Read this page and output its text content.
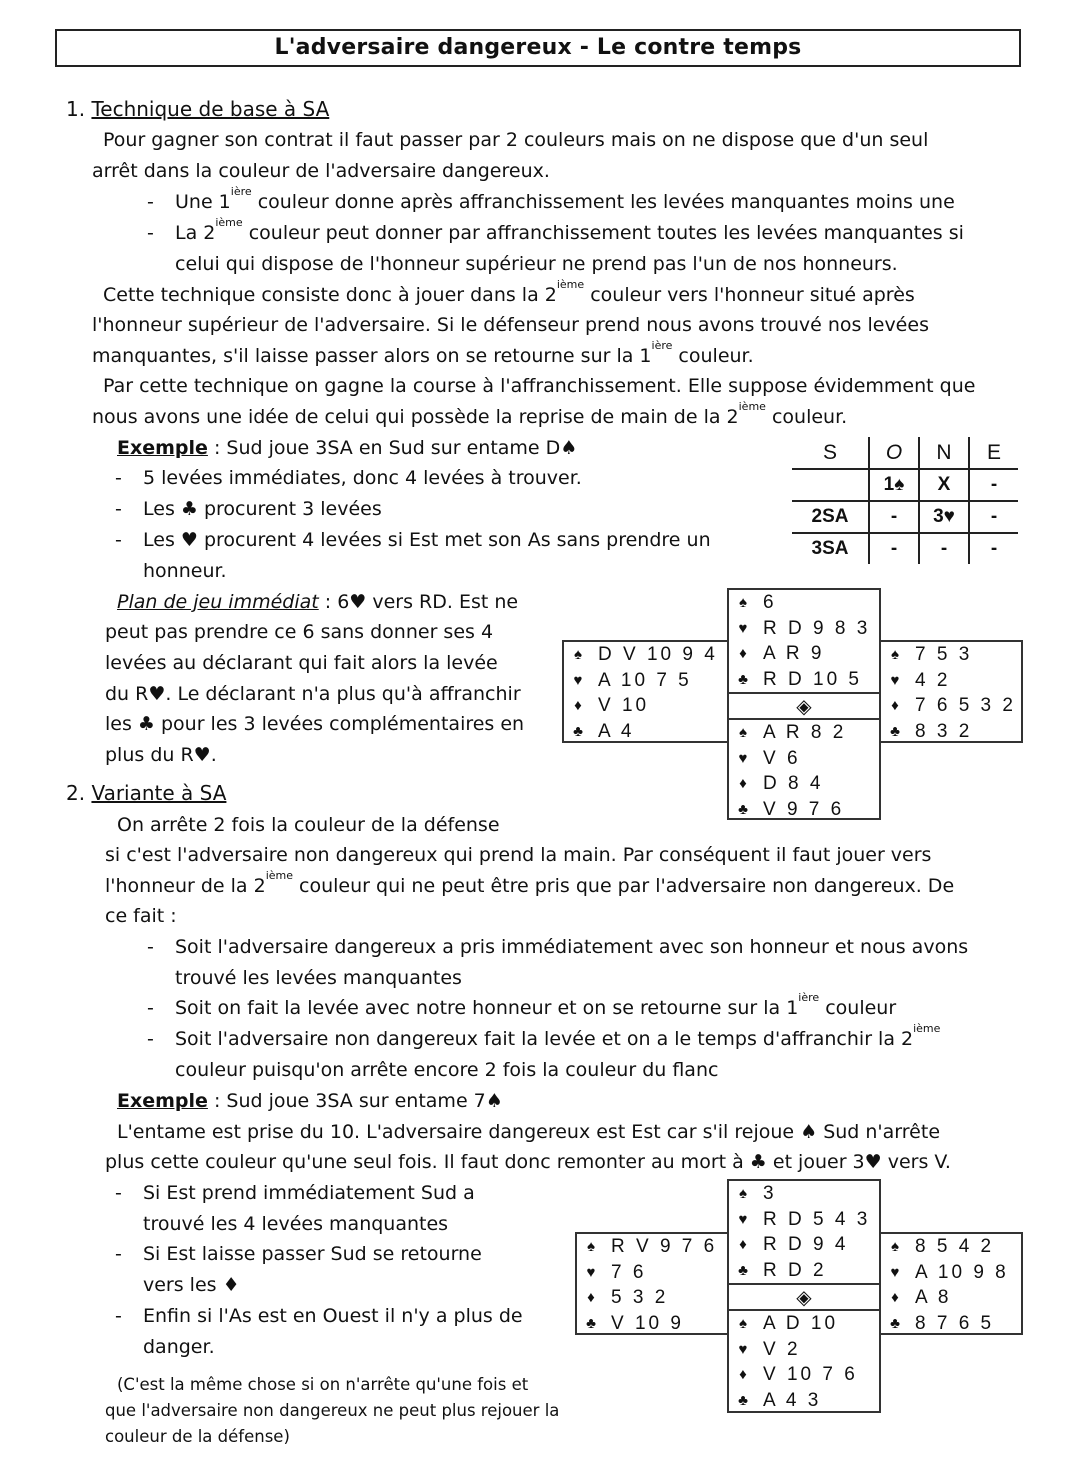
L'adversaire dangereux - Le contre temps
1. Technique de base à SA
Pour gagner son contrat il faut passer par 2 couleurs mais on ne dispose que d'un seul
arrêt dans la couleur de l'adversaire dangereux.
- Une $1^{ière}$ couleur donne après affranchissement les levées manquantes moins une
- La 2ième couleur peut donner par affranchissement toutes les levées manquantes si
celui qui dispose de l'honneur supérieur ne prend pas l'un de nos honneurs.
Cette technique consiste donc à jouer dans la 2ième couleur vers l'honneur situé après
l'honneur supérieur de l'adversaire. Si le défenseur prend nous avons trouvé nos levées
manquantes, s'il laisse passer alors on se retourne sur la $1^{ière}$ couleur.
Par cette technique on gagne la course à l'affranchissement. Elle suppose évidemment que
nous avons une idée de celui qui possède la reprise de main de la 2ième couleur.
Exemple : Sud joue 3SA en Sud sur entame D♠
- 5 levées immédiates, donc 4 levées à trouver.
- Les ♣ procurent 3 levées
- Les ♥ procurent 4 levées si Est met son As sans prendre un
honneur.
S	O	N	E
	1♠	X	-
2SA	-	3♥	-
3SA	-	-	-
Plan de jeu immédiat : 6♥ vers RD. Est ne
peut pas prendre ce 6 sans donner ses 4
levées au déclarant qui fait alors la levée
du R♥. Le déclarant n'a plus qu'à affranchir
les ♣ pour les 3 levées complémentaires en
plus du R♥.
♠ 6
♥ R D 9 8 3
♦ A R 9
♣ R D 10 5
♠ D V 10 9 4
♥ A 10 7 5
♦ V 10
♣ A 4
♠ 7 5 3
♥ 4 2
♦ 7 6 5 3 2
♣ 8 3 2
◈
♠ A R 8 2
♥ V 6
♦ D 8 4
♣ V 9 7 6
2. Variante à SA
On arrête 2 fois la couleur de la défense
si c'est l'adversaire non dangereux qui prend la main. Par conséquent il faut jouer vers
l'honneur de la 2ième couleur qui ne peut être pris que par l'adversaire non dangereux. De
ce fait :
- Soit l'adversaire dangereux a pris immédiatement avec son honneur et nous avons
trouvé les levées manquantes
- Soit on fait la levée avec notre honneur et on se retourne sur la $1^{ière}$ couleur
- Soit l'adversaire non dangereux fait la levée et on a le temps d'affranchir la 2ième
couleur puisqu'on arrête encore 2 fois la couleur du flanc
Exemple : Sud joue 3SA sur entame 7♠
L'entame est prise du 10. L'adversaire dangereux est Est car s'il rejoue ♠ Sud n'arrête
plus cette couleur qu'une seul fois. Il faut donc remonter au mort à ♣ et jouer 3♥ vers V.
- Si Est prend immédiatement Sud a
trouvé les 4 levées manquantes
- Si Est laisse passer Sud se retourne
vers les ♦
- Enfin si l'As est en Ouest il n'y a plus de
danger.
(C'est la même chose si on n'arrête qu'une fois et
que l'adversaire non dangereux ne peut plus rejouer la
couleur de la défense)
♠ 3
♥ R D 5 4 3
♦ R D 9 4
♣ R D 2
♠ R V 9 7 6
♥ 7 6
♦ 5 3 2
♣ V 10 9
♠ 8 5 4 2
♥ A 10 9 8
♦ A 8
♣ 8 7 6 5
◈
♠ A D 10
♥ V 2
♦ V 10 7 6
♣ A 4 3
